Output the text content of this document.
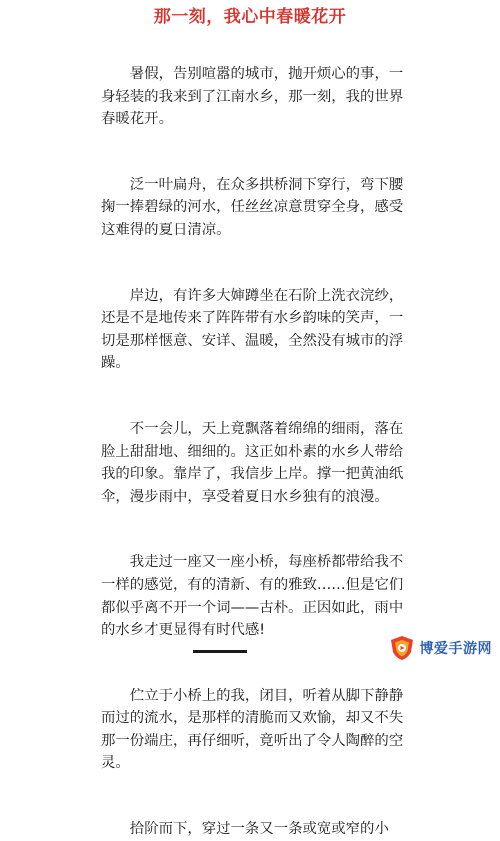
那一刻，我心中春暖花开

暑假，告别喧嚣的城市，抛开烦心的事，一身轻装的我来到了江南水乡，那一刻，我的世界春暖花开。

泛一叶扁舟，在众多拱桥洞下穿行，弯下腰掬一捧碧绿的河水，任丝丝凉意贯穿全身，感受这难得的夏日清凉。

岸边，有许多大婶蹲坐在石阶上洗衣浣纱，还是不是地传来了阵阵带有水乡韵味的笑声，一切是那样惬意、安详、温暖，全然没有城市的浮躁。

不一会儿，天上竟飘落着绵绵的细雨，落在脸上甜甜地、细细的。这正如朴素的水乡人带给我的印象。靠岸了，我信步上岸。撑一把黄油纸伞，漫步雨中，享受着夏日水乡独有的浪漫。

我走过一座又一座小桥，每座桥都带给我不一样的感觉，有的清新、有的雅致……但是它们都似乎离不开一个词——古朴。正因如此，雨中的水乡才更显得有时代感!

伫立于小桥上的我，闭目，听着从脚下静静而过的流水，是那样的清脆而又欢愉，却又不失那一份端庄，再仔细听，竟听出了令人陶醉的空灵。

拾阶而下，穿过一条又一条或宽或窄的小

博爱手游网
